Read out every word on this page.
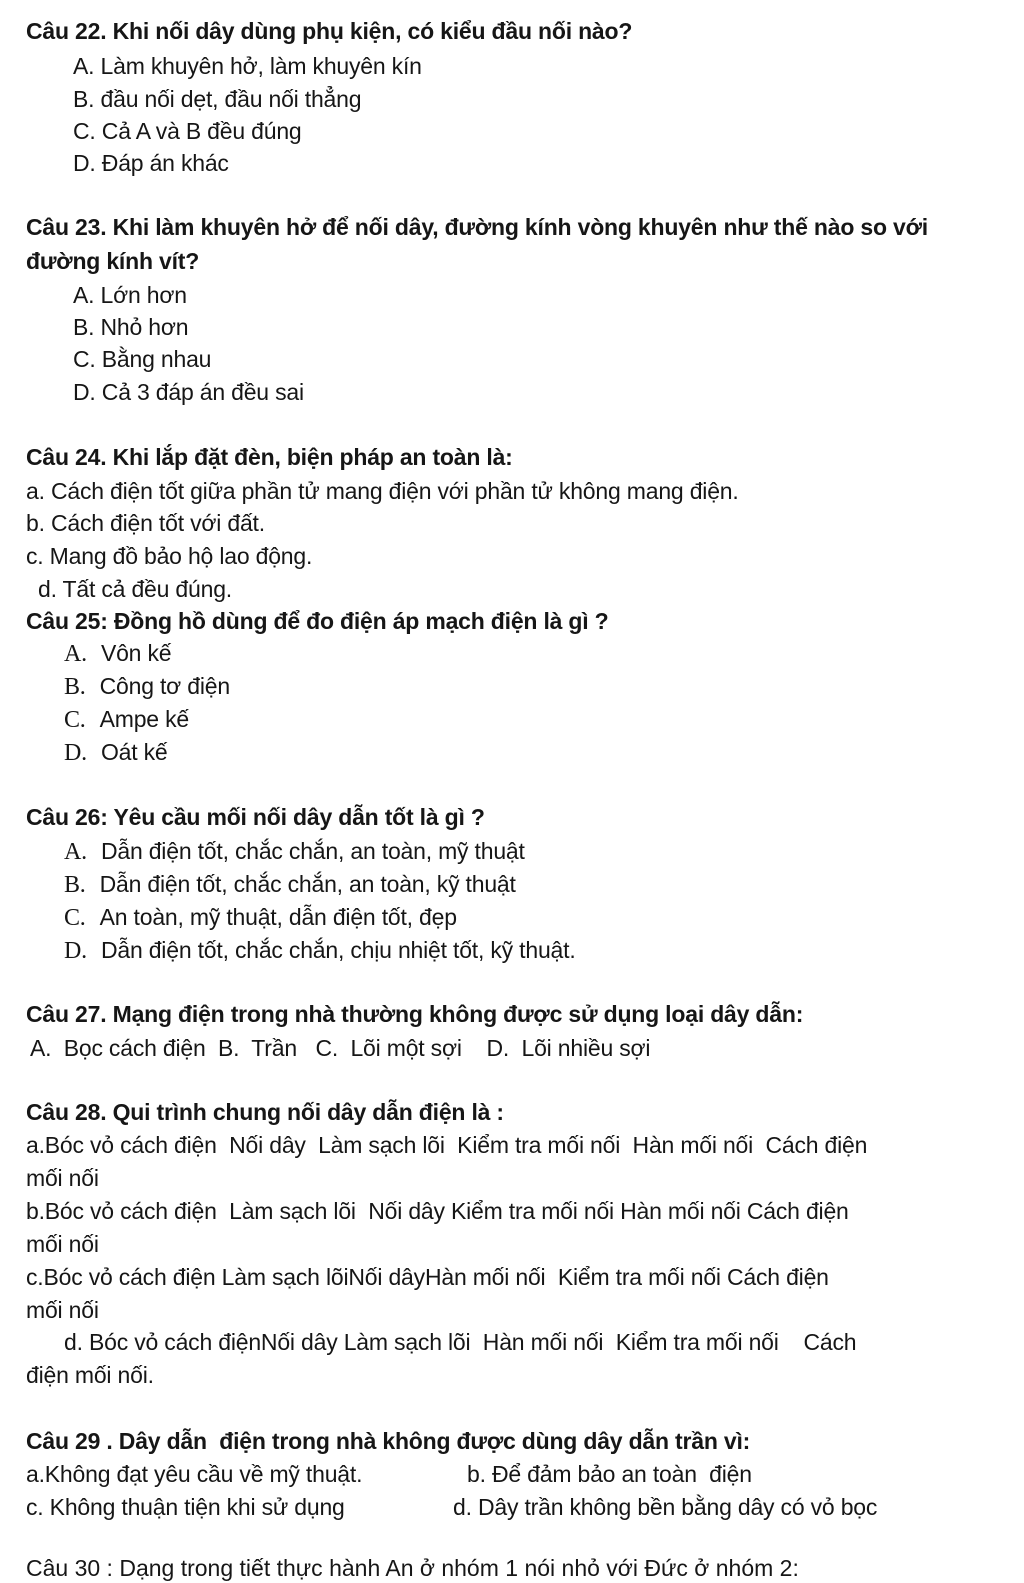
Câu 22. Khi nối dây dùng phụ kiện, có kiểu đầu nối nào?
A. Làm khuyên hở, làm khuyên kín
B. đầu nối dẹt, đầu nối thẳng
C. Cả A và B đều đúng
D. Đáp án khác
Câu 23. Khi làm khuyên hở để nối dây, đường kính vòng khuyên như thế nào so với
đường kính vít?
A. Lớn hơn
B. Nhỏ hơn
C. Bằng nhau
D. Cả 3 đáp án đều sai
Câu 24. Khi lắp đặt đèn, biện pháp an toàn là:
a. Cách điện tốt giữa phần tử mang điện với phần tử không mang điện.
b. Cách điện tốt với đất.
c. Mang đồ bảo hộ lao động.
d. Tất cả đều đúng.
Câu 25: Đồng hồ dùng để đo điện áp mạch điện là gì ?
A. Vôn kế
B. Công tơ điện
C. Ampe kế
D. Oát kế
Câu 26: Yêu cầu mối nối dây dẫn tốt là gì ?
A. Dẫn điện tốt, chắc chắn, an toàn, mỹ thuật
B. Dẫn điện tốt, chắc chắn, an toàn, kỹ thuật
C. An toàn, mỹ thuật, dẫn điện tốt, đẹp
D. Dẫn điện tốt, chắc chắn, chịu nhiệt tốt, kỹ thuật.
Câu 27. Mạng điện trong nhà thường không được sử dụng loại dây dẫn:
A.  Bọc cách điện  B.  Trần   C.  Lõi một sợi    D.  Lõi nhiều sợi
Câu 28. Qui trình chung nối dây dẫn điện là :
a.Bóc vỏ cách điện  Nối dây  Làm sạch lõi  Kiểm tra mối nối  Hàn mối nối  Cách điện
mối nối
b.Bóc vỏ cách điện  Làm sạch lõi  Nối dây Kiểm tra mối nối Hàn mối nối Cách điện
mối nối
c.Bóc vỏ cách điện Làm sạch lõiNối dâyHàn mối nối  Kiểm tra mối nối Cách điện
mối nối
d. Bóc vỏ cách điệnNối dây Làm sạch lõi  Hàn mối nối  Kiểm tra mối nối    Cách
điện mối nối.
Câu 29 . Dây dẫn  điện trong nhà không được dùng dây dẫn trần vì:
a.Không đạt yêu cầu về mỹ thuật.	b. Để đảm bảo an toàn  điện
c. Không thuận tiện khi sử dụng	d. Dây trần không bền bằng dây có vỏ bọc
Câu 30 : Dạng trong tiết thực hành An ở nhóm 1 nói nhỏ với Đức ở nhóm 2:
